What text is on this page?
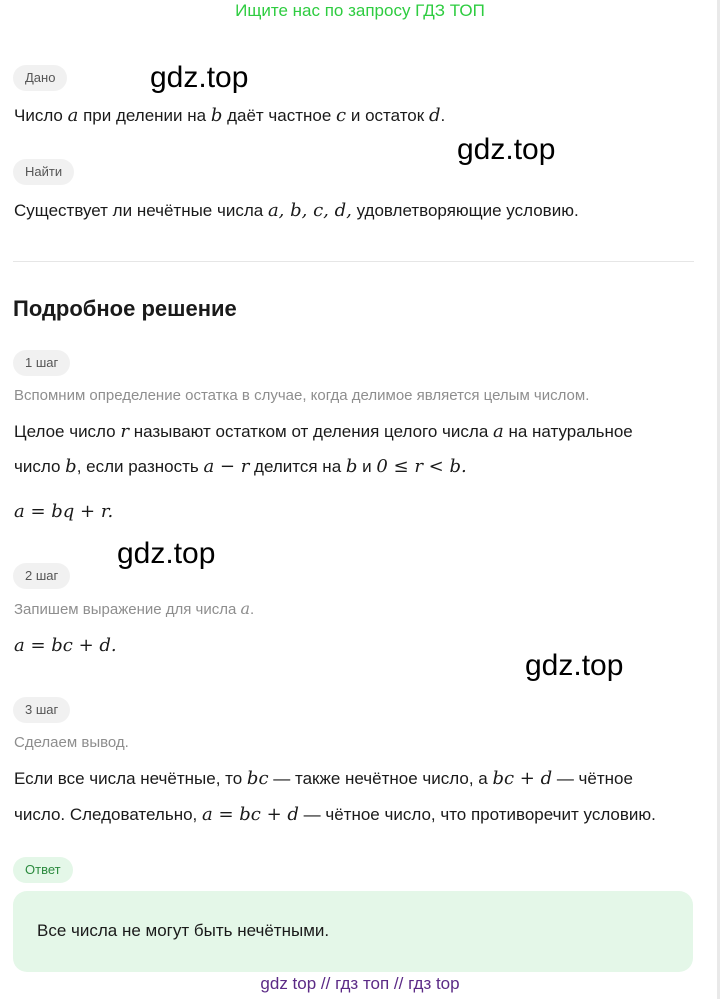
Ищите нас по запросу ГДЗ ТОП
Дано
Число a при делении на b даёт частное c и остаток d.
Найти
Существует ли нечётные числа a, b, c, d, удовлетворяющие условию.
Подробное решение
1 шаг
Вспомним определение остатка в случае, когда делимое является целым числом.
Целое число r называют остатком от деления целого числа a на натуральное
число b, если разность a − r делится на b и 0 ≤ r < b.
a = bq + r.
2 шаг
Запишем выражение для числа a.
a = bc + d.
3 шаг
Сделаем вывод.
Если все числа нечётные, то bc — также нечётное число, а bc + d — чётное
число. Следовательно, a = bc + d — чётное число, что противоречит условию.
Ответ
Все числа не могут быть нечётными.
gdz.top
gdz.top
gdz.top
gdz.top
gdz top // гдз топ // гдз top
